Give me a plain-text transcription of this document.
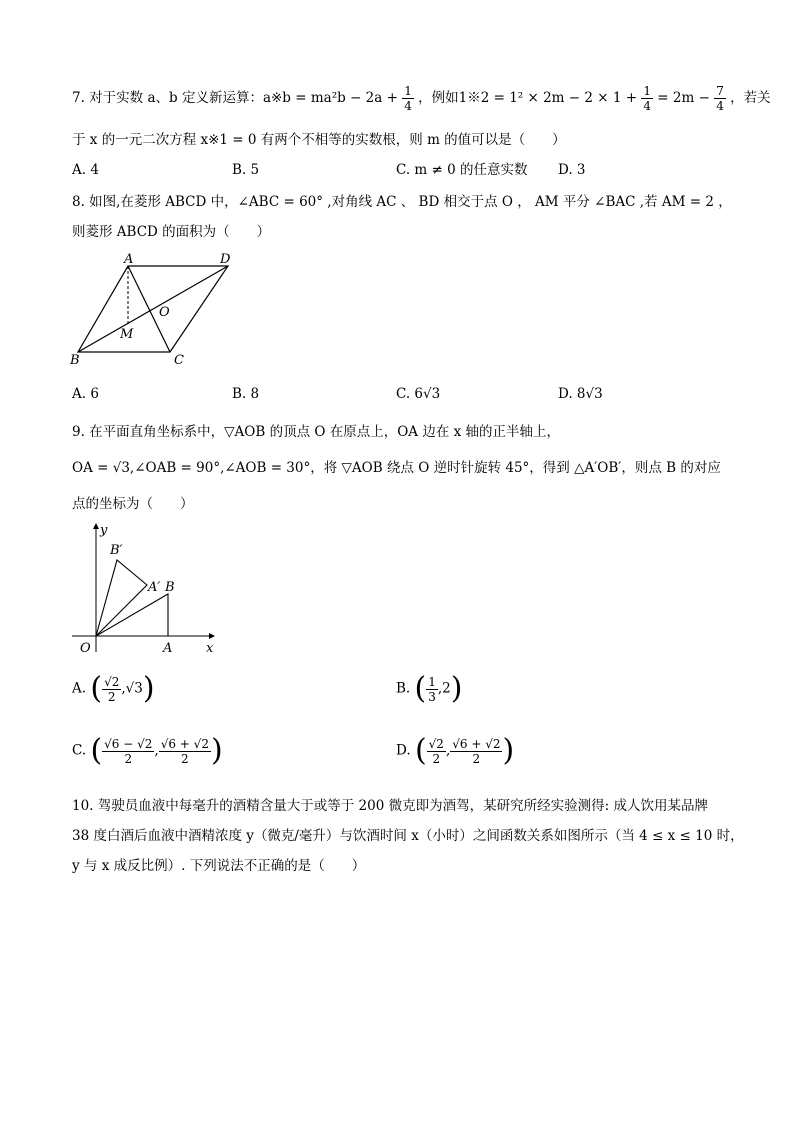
7. 对于实数 a、b 定义新运算：a※b = $ma^2b - 2a + \frac{1}{4}$ ，例如1※2 = $1^2 \times 2m - 2 \times 1 + \frac{1}{4} = 2m - \frac{7}{4}$ ，若关
于 x 的一元二次方程 x※1 = 0 有两个不相等的实数根，则 m 的值可以是（　　）
A. 4	B. 5	C. m ≠ 0 的任意实数 D. 3
8. 如图,在菱形 ABCD 中，∠ABC = 60° ,对角线 AC 、 BD 相交于点 O ， AM 平分 ∠BAC ,若 AM = 2 ，
则菱形 ABCD 的面积为（　　）
A	D
B	C
O
M
A. 6	B. 8	C. 6√3	D. 8√3
9. 在平面直角坐标系中，▽AOB 的顶点 O 在原点上，OA 边在 x 轴的正半轴上，
OA = √3,∠OAB = 90°,∠AOB = 30°，将 ▽AOB 绕点 O 逆时针旋转 45°，得到 △A′OB′，则点 B 的对应
点的坐标为（　　）
y
x
O	A
B
A′
B′
A. ( $\frac{√2}{2} ,√3$)	B. ( $\frac{1}{3} ,2$)
C. ( $\frac{√6 - √2}{2}$ , $\frac{√6 + √2}{2}$ )	D. ( $\frac{√2}{2}$ , $\frac{√6 + √2}{2}$ )
10. 驾驶员血液中每毫升的酒精含量大于或等于 200 微克即为酒驾，某研究所经实验测得: 成人饮用某品牌
38 度白酒后血液中酒精浓度 y（微克/毫升）与饮酒时间 x（小时）之间函数关系如图所示（当 4 ≤ x ≤ 10 时，
y 与 x 成反比例）. 下列说法不正确的是（　　）
